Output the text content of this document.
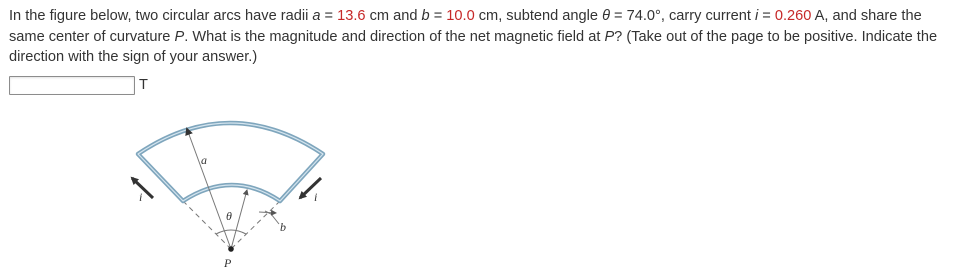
In the figure below, two circular arcs have radii a = 13.6 cm and b = 10.0 cm, subtend angle θ = 74.0°, carry current i = 0.260 A, and share the same center of curvature P. What is the magnitude and direction of the net magnetic field at P? (Take out of the page to be positive. Indicate the direction with the sign of your answer.)
T
a
b
θ
i	i
P
